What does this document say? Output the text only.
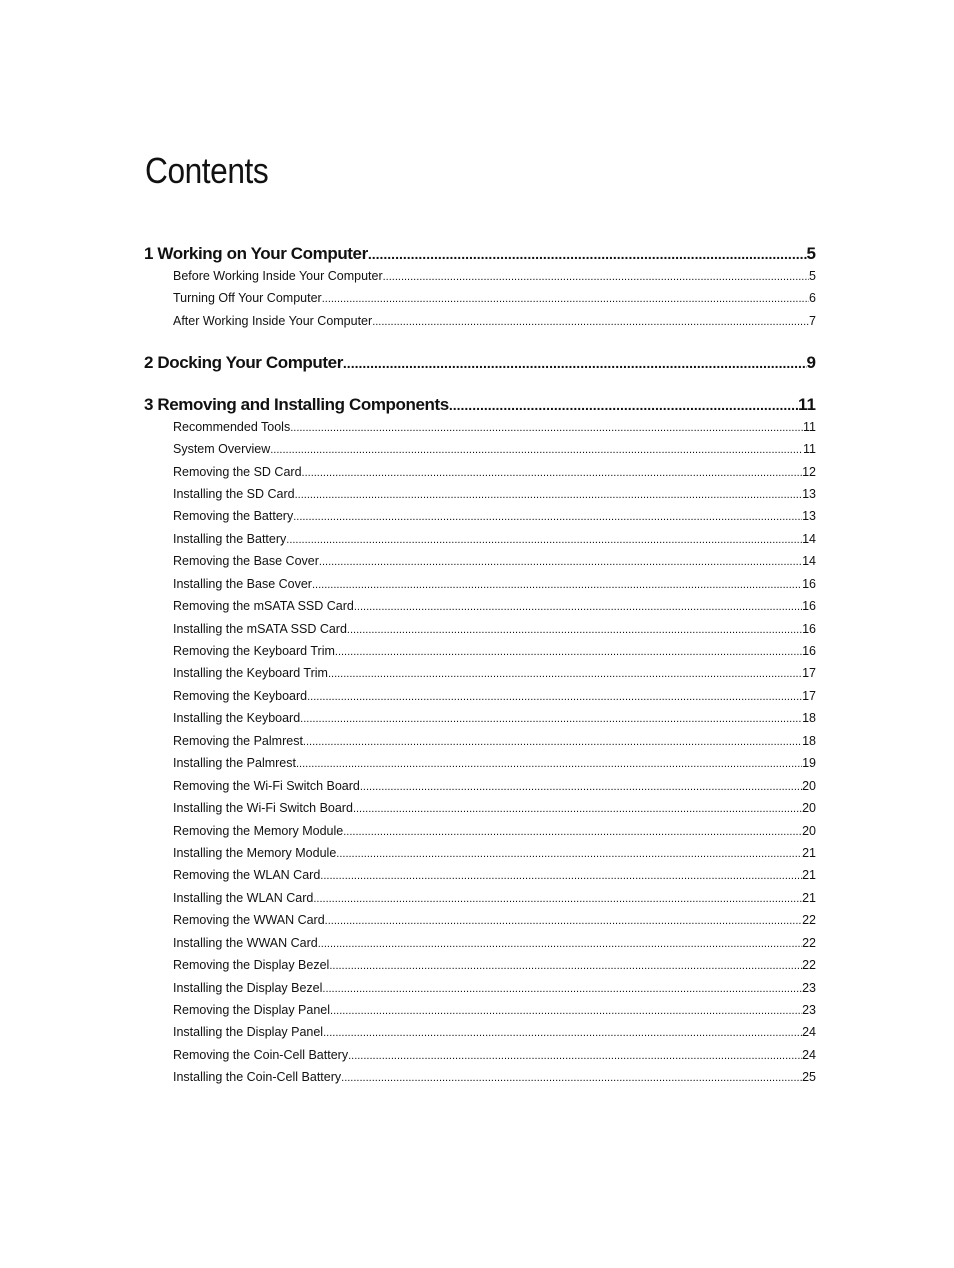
Contents
1 Working on Your Computer .....	5
Before Working Inside Your Computer .....	5
Turning Off Your Computer .....	6
After Working Inside Your Computer .....	7
2 Docking Your Computer .....	9
3 Removing and Installing Components .....	11
Recommended Tools .....	11
System Overview .....	11
Removing the SD Card .....	12
Installing the SD Card .....	13
Removing the Battery .....	13
Installing the Battery .....	14
Removing the Base Cover .....	14
Installing the Base Cover .....	16
Removing the mSATA SSD Card .....	16
Installing the mSATA SSD Card .....	16
Removing the Keyboard Trim .....	16
Installing the Keyboard Trim .....	17
Removing the Keyboard .....	17
Installing the Keyboard .....	18
Removing the Palmrest .....	18
Installing the Palmrest .....	19
Removing the Wi-Fi Switch Board .....	20
Installing the Wi-Fi Switch Board .....	20
Removing the Memory Module .....	20
Installing the Memory Module .....	21
Removing the WLAN Card .....	21
Installing the WLAN Card .....	21
Removing the WWAN Card .....	22
Installing the WWAN Card .....	22
Removing the Display Bezel .....	22
Installing the Display Bezel .....	23
Removing the Display Panel .....	23
Installing the Display Panel .....	24
Removing the Coin-Cell Battery .....	24
Installing the Coin-Cell Battery .....	25
